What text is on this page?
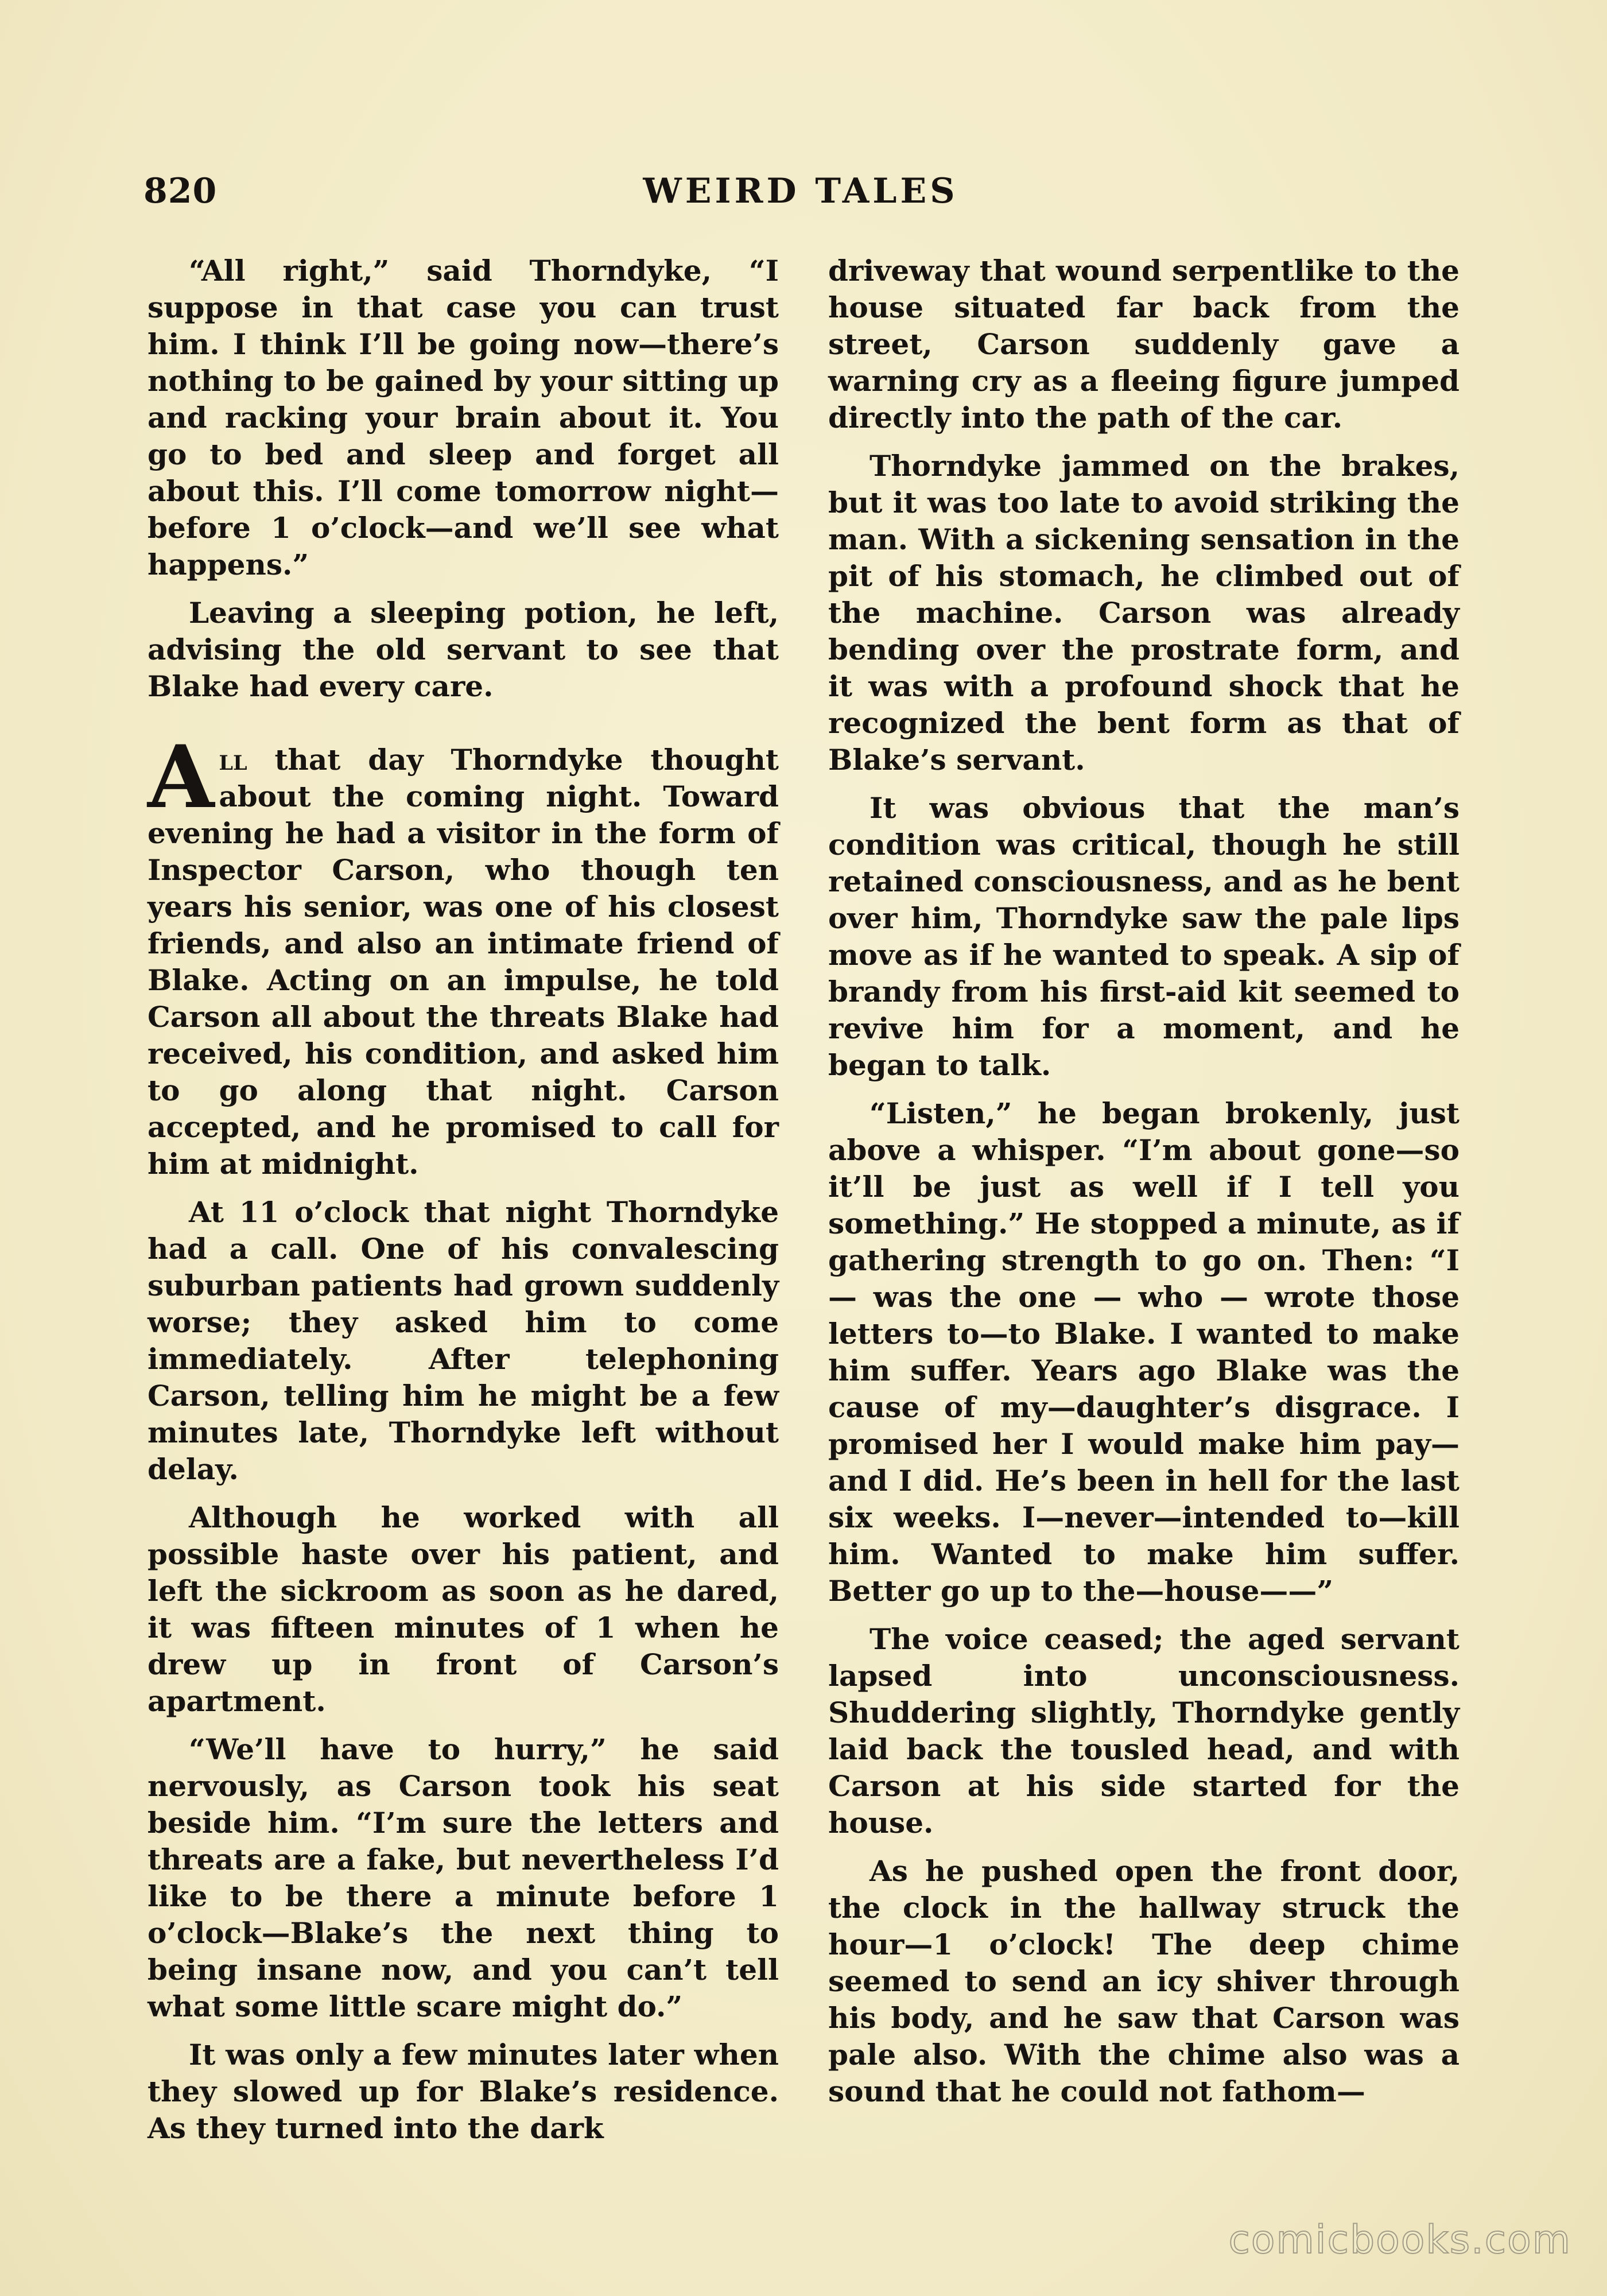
820	WEIRD TALES

“All right,” said Thorndyke, “I suppose in that case you can trust him. I think I’ll be going now—there’s nothing to be gained by your sitting up and racking your brain about it. You go to bed and sleep and forget all about this. I’ll come tomorrow night—before 1 o’clock—and we’ll see what happens.”

Leaving a sleeping potion, he left, advising the old servant to see that Blake had every care.

All that day Thorndyke thought about the coming night. Toward evening he had a visitor in the form of Inspector Carson, who though ten years his senior, was one of his closest friends, and also an intimate friend of Blake. Acting on an impulse, he told Carson all about the threats Blake had received, his condition, and asked him to go along that night. Carson accepted, and he promised to call for him at midnight.

At 11 o’clock that night Thorndyke had a call. One of his convalescing suburban patients had grown suddenly worse; they asked him to come immediately. After telephoning Carson, telling him he might be a few minutes late, Thorndyke left without delay.

Although he worked with all possible haste over his patient, and left the sickroom as soon as he dared, it was fifteen minutes of 1 when he drew up in front of Carson’s apartment.

“We’ll have to hurry,” he said nervously, as Carson took his seat beside him. “I’m sure the letters and threats are a fake, but nevertheless I’d like to be there a minute before 1 o’clock—Blake’s the next thing to being insane now, and you can’t tell what some little scare might do.”

It was only a few minutes later when they slowed up for Blake’s residence. As they turned into the dark

driveway that wound serpentlike to the house situated far back from the street, Carson suddenly gave a warning cry as a fleeing figure jumped directly into the path of the car.

Thorndyke jammed on the brakes, but it was too late to avoid striking the man. With a sickening sensation in the pit of his stomach, he climbed out of the machine. Carson was already bending over the prostrate form, and it was with a profound shock that he recognized the bent form as that of Blake’s servant.

It was obvious that the man’s condition was critical, though he still retained consciousness, and as he bent over him, Thorndyke saw the pale lips move as if he wanted to speak. A sip of brandy from his first-aid kit seemed to revive him for a moment, and he began to talk.

“Listen,” he began brokenly, just above a whisper. “I’m about gone—so it’ll be just as well if I tell you something.” He stopped a minute, as if gathering strength to go on. Then: “I — was the one — who — wrote those letters to—to Blake. I wanted to make him suffer. Years ago Blake was the cause of my—daughter’s disgrace. I promised her I would make him pay—and I did. He’s been in hell for the last six weeks. I—never—intended to—kill him. Wanted to make him suffer. Better go up to the—house——”

The voice ceased; the aged servant lapsed into unconsciousness. Shuddering slightly, Thorndyke gently laid back the tousled head, and with Carson at his side started for the house.

As he pushed open the front door, the clock in the hallway struck the hour—1 o’clock! The deep chime seemed to send an icy shiver through his body, and he saw that Carson was pale also. With the chime also was a sound that he could not fathom—

comicbooks.com
